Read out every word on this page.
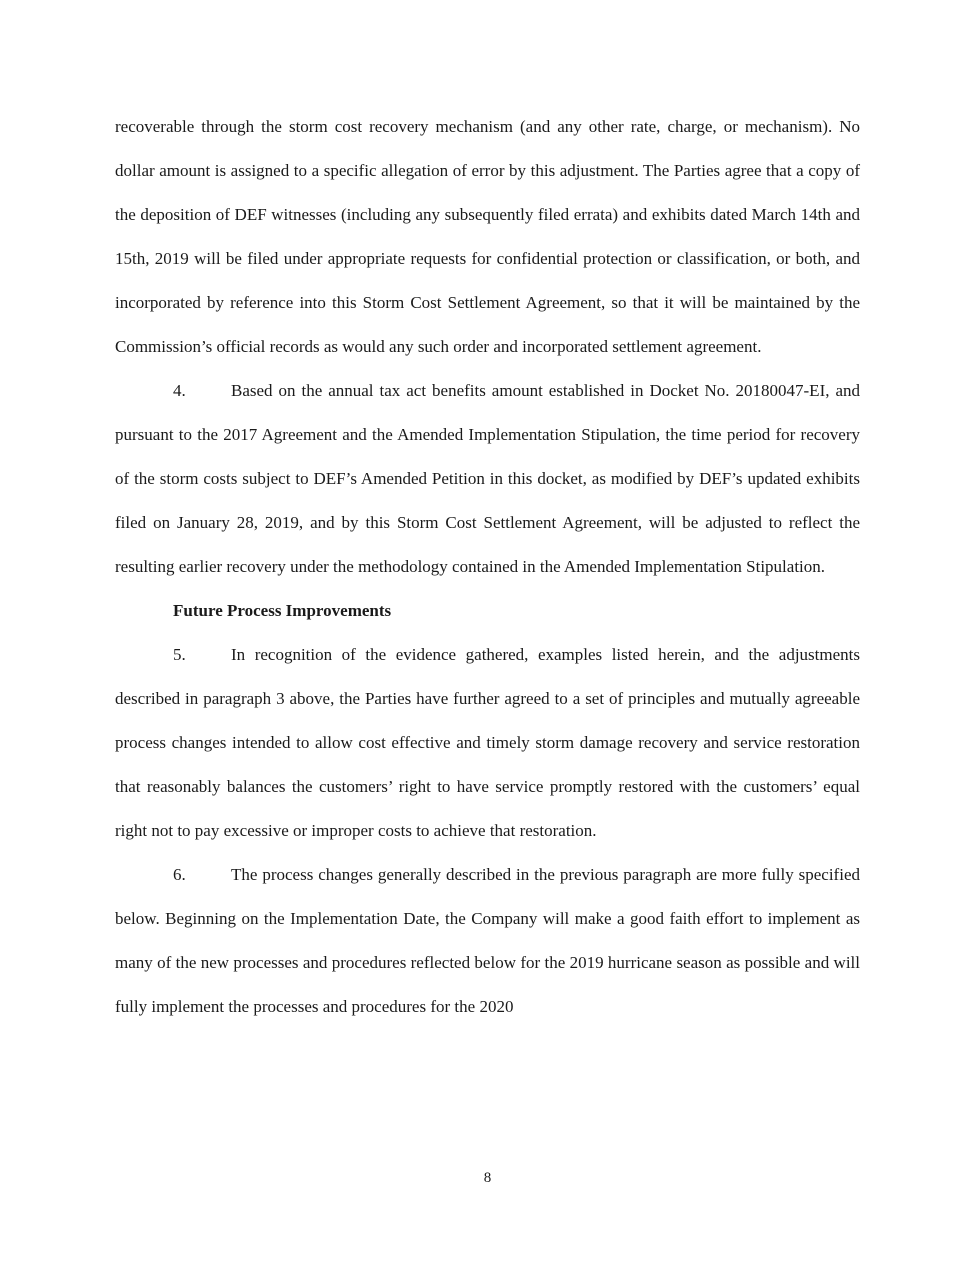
recoverable through the storm cost recovery mechanism (and any other rate, charge, or mechanism). No dollar amount is assigned to a specific allegation of error by this adjustment. The Parties agree that a copy of the deposition of DEF witnesses (including any subsequently filed errata) and exhibits dated March 14th and 15th, 2019 will be filed under appropriate requests for confidential protection or classification, or both, and incorporated by reference into this Storm Cost Settlement Agreement, so that it will be maintained by the Commission’s official records as would any such order and incorporated settlement agreement.

4.	Based on the annual tax act benefits amount established in Docket No. 20180047-EI, and pursuant to the 2017 Agreement and the Amended Implementation Stipulation, the time period for recovery of the storm costs subject to DEF’s Amended Petition in this docket, as modified by DEF’s updated exhibits filed on January 28, 2019, and by this Storm Cost Settlement Agreement, will be adjusted to reflect the resulting earlier recovery under the methodology contained in the Amended Implementation Stipulation.

Future Process Improvements

5.	In recognition of the evidence gathered, examples listed herein, and the adjustments described in paragraph 3 above, the Parties have further agreed to a set of principles and mutually agreeable process changes intended to allow cost effective and timely storm damage recovery and service restoration that reasonably balances the customers’ right to have service promptly restored with the customers’ equal right not to pay excessive or improper costs to achieve that restoration.

6.	The process changes generally described in the previous paragraph are more fully specified below. Beginning on the Implementation Date, the Company will make a good faith effort to implement as many of the new processes and procedures reflected below for the 2019 hurricane season as possible and will fully implement the processes and procedures for the 2020

8
